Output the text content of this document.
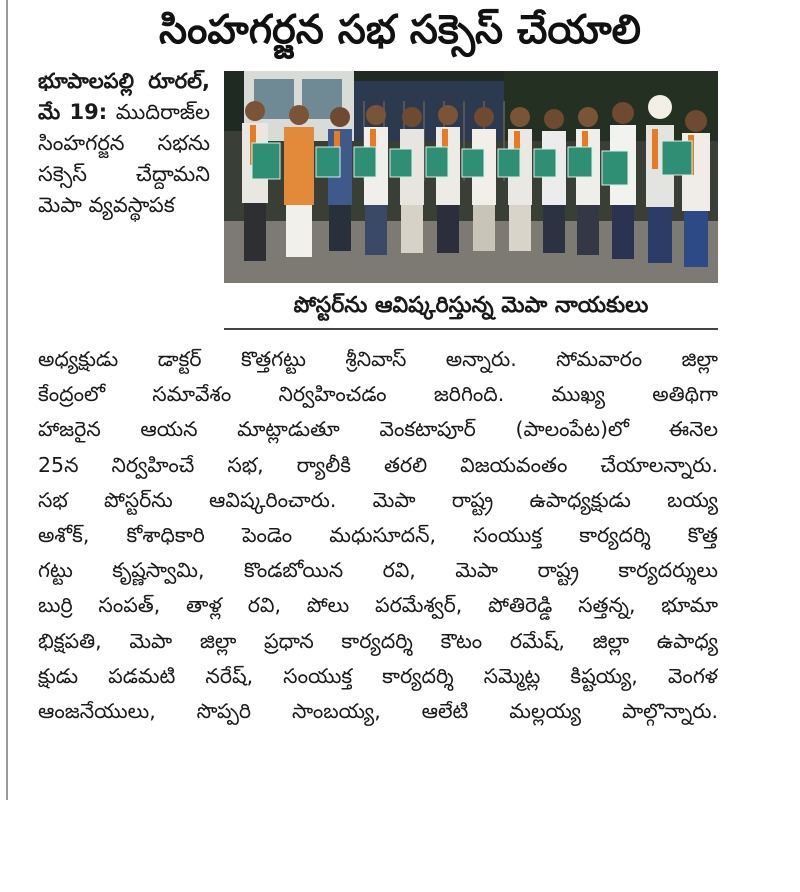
సింహగర్జన సభ సక్సెస్‌ చేయాలి
భూపాలపల్లి రూరల్, మే 19: ముదిరాజ్‌ల సింహగర్జన సభను సక్సెస్ చేద్దామని మెపా వ్యవస్థాపక
పోస్టర్‌ను ఆవిష్కరిస్తున్న మెపా నాయకులు
అధ్యక్షుడు డాక్టర్ కొత్తగట్టు శ్రీనివాస్ అన్నారు. సోమవారం జిల్లా
కేంద్రంలో సమావేశం నిర్వహించడం జరిగింది. ముఖ్య అతిథిగా
హాజరైన ఆయన మాట్లాడుతూ వెంకటాపూర్ (పాలంపేట)లో ఈనెల
25న నిర్వహించే సభ, ర్యాలీకి తరలి విజయవంతం చేయాలన్నారు.
సభ పోస్టర్‌ను ఆవిష్కరించారు. మెపా రాష్ట్ర ఉపాధ్యక్షుడు బయ్య
అశోక్, కోశాధికారి పెండెం మధుసూదన్, సంయుక్త కార్యదర్శి కొత్త
గట్టు కృష్ణస్వామి, కొండబోయిన రవి, మెపా రాష్ట్ర కార్యదర్శులు
బుర్రి సంపత్, తాళ్ల రవి, పోలు పరమేశ్వర్, పోతిరెడ్డి సత్తన్న, భూమా
భిక్షపతి, మెపా జిల్లా ప్రధాన కార్యదర్శి కౌటం రమేష్, జిల్లా ఉపాధ్య
క్షుడు పడమటి నరేష్, సంయుక్త కార్యదర్శి సమ్మెట్ల కిష్టయ్య, వెంగళ
ఆంజనేయులు, సొప్పరి సాంబయ్య, ఆలేటి మల్లయ్య పాల్గొన్నారు.
